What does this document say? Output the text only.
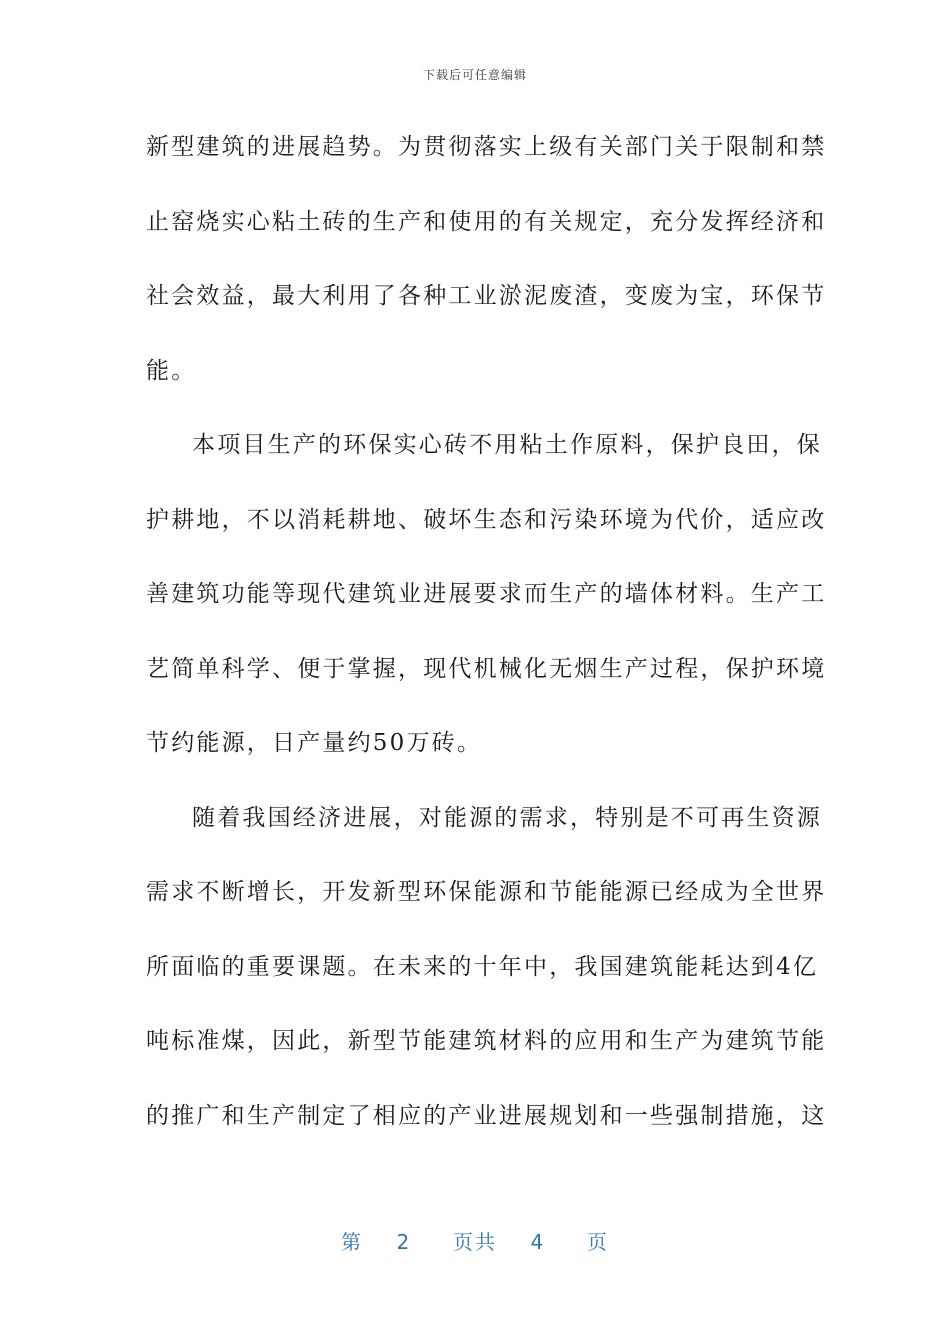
下载后可任意编辑
新型建筑的进展趋势。为贯彻落实上级有关部门关于限制和禁
止窑烧实心粘土砖的生产和使用的有关规定，充分发挥经济和
社会效益，最大利用了各种工业淤泥废渣，变废为宝，环保节
能。
本项目生产的环保实心砖不用粘土作原料，保护良田，保
护耕地，不以消耗耕地、破坏生态和污染环境为代价，适应改
善建筑功能等现代建筑业进展要求而生产的墙体材料。生产工
艺简单科学、便于掌握，现代机械化无烟生产过程，保护环境
节约能源，日产量约50万砖。
随着我国经济进展，对能源的需求，特别是不可再生资源
需求不断增长，开发新型环保能源和节能能源已经成为全世界
所面临的重要课题。在未来的十年中，我国建筑能耗达到4亿
吨标准煤，因此，新型节能建筑材料的应用和生产为建筑节能
的推广和生产制定了相应的产业进展规划和一些强制措施，这
第 2 页共 4 页
